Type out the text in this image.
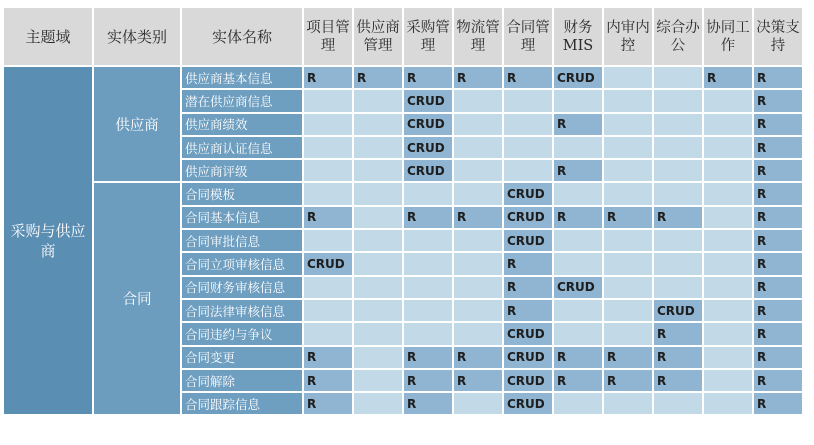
主题域	实体类别	实体名称	项目管理	供应商管理	采购管理	物流管理	合同管理	财务MIS	内审内控	综合办公	协同工作	决策支持
采购与供应商	供应商	供应商基本信息	R	R	R	R	R	CRUD			R	R
		潜在供应商信息			CRUD							R
		供应商绩效			CRUD			R				R
		供应商认证信息			CRUD							R
		供应商评级			CRUD			R				R
	合同	合同模板					CRUD					R
		合同基本信息	R		R	R	CRUD	R	R	R		R
		合同审批信息					CRUD					R
		合同立项审核信息	CRUD				R					R
		合同财务审核信息					R	CRUD				R
		合同法律审核信息					R			CRUD		R
		合同违约与争议					CRUD			R		R
		合同变更	R		R	R	CRUD	R	R	R		R
		合同解除	R		R	R	CRUD	R	R	R		R
		合同跟踪信息	R		R		CRUD					R
